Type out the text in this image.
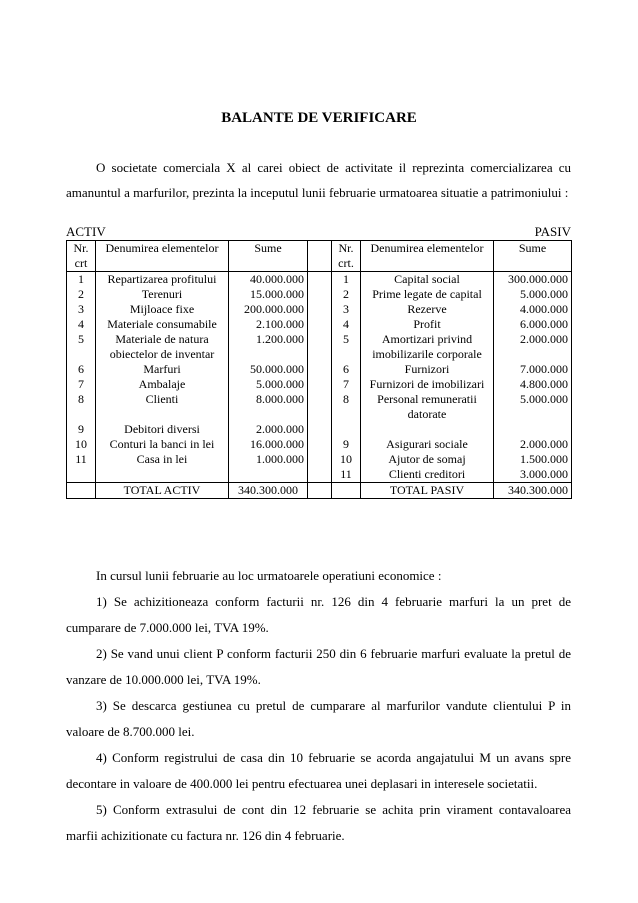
BALANTE DE VERIFICARE

O societate comerciala X al carei obiect de activitate il reprezinta comercializarea cu amanuntul a marfurilor, prezinta la inceputul lunii februarie urmatoarea situatie a patrimoniului :

ACTIV	PASIV
Nr. crt	Denumirea elementelor	Sume		Nr. crt.	Denumirea elementelor	Sume
1	Repartizarea profitului	40.000.000		1	Capital social	300.000.000
2	Terenuri	15.000.000		2	Prime legate de capital	5.000.000
3	Mijloace fixe	200.000.000		3	Rezerve	4.000.000
4	Materiale consumabile	2.100.000		4	Profit	6.000.000
5	Materiale de natura obiectelor de inventar	1.200.000		5	Amortizari privind imobilizarile corporale	2.000.000
6	Marfuri	50.000.000		6	Furnizori	7.000.000
7	Ambalaje	5.000.000		7	Furnizori de imobilizari	4.800.000
8	Clienti	8.000.000		8	Personal remuneratii datorate	5.000.000
9	Debitori diversi	2.000.000				
10	Conturi la banci in lei	16.000.000		9	Asigurari sociale	2.000.000
11	Casa in lei	1.000.000		10	Ajutor de somaj	1.500.000
				11	Clienti creditori	3.000.000
	TOTAL ACTIV	340.300.000			TOTAL PASIV	340.300.000

In cursul lunii februarie au loc urmatoarele operatiuni economice :

1) Se achizitioneaza conform facturii nr. 126 din 4 februarie marfuri la un pret de cumparare de 7.000.000 lei, TVA 19%.

2) Se vand unui client P conform facturii 250 din 6 februarie marfuri evaluate la pretul de vanzare de 10.000.000 lei, TVA 19%.

3) Se descarca gestiunea cu pretul de cumparare al marfurilor vandute clientului P in valoare de 8.700.000 lei.

4) Conform registrului de casa din 10 februarie se acorda angajatului M un avans spre decontare in valoare de 400.000 lei pentru efectuarea unei deplasari in interesele societatii.

5) Conform extrasului de cont din 12 februarie se achita prin virament contavaloarea marfii achizitionate cu factura nr. 126 din 4 februarie.
